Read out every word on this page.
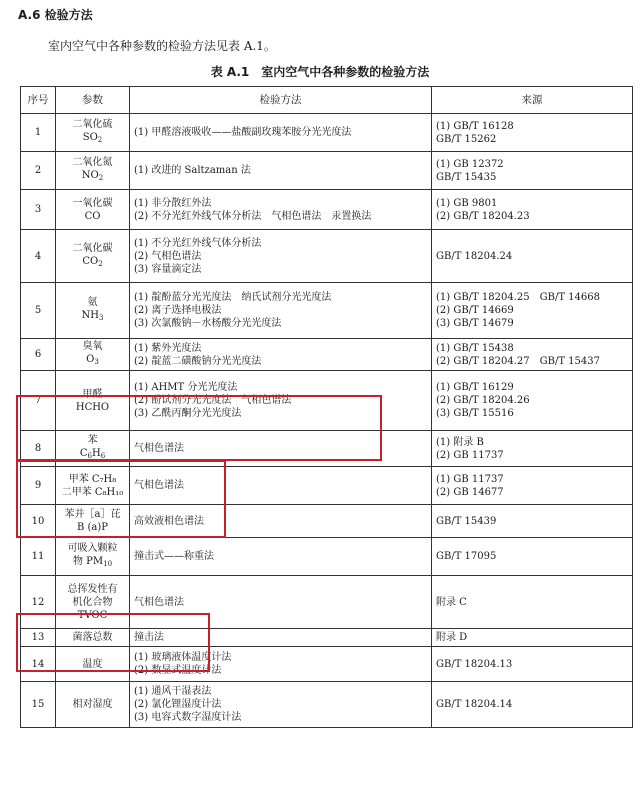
A.6 检验方法
室内空气中各种参数的检验方法见表 A.1。
表 A.1　室内空气中各种参数的检验方法
序号	参数	检验方法	来源
1	二氧化硫
$SO_2$	(1) 甲醛溶液吸收——盐酸副玫瑰苯胺分光光度法	(1) GB/T 16128
GB/T 15262

2	二氧化氮
$NO_2$	(1) 改进的 Saltzaman 法	(1) GB 12372
GB/T 15435

3	一氧化碳
CO	(1) 非分散红外法
(2) 不分光红外线气体分析法　气相色谱法　汞置换法	(1) GB 9801
(2) GB/T 18204.23

4	二氧化碳
$CO_2$	(1) 不分光红外线气体分析法
(2) 气相色谱法
(3) 容量滴定法	GB/T 18204.24

5	氨
$NH_3$	(1) 靛酚蓝分光光度法　纳氏试剂分光光度法
(2) 离子选择电极法
(3) 次氯酸钠－水杨酸分光光度法	(1) GB/T 18204.25　GB/T 14668
(2) GB/T 14669
(3) GB/T 14679

6	臭氧
$O_3$	(1) 紫外光度法
(2) 靛蓝二磺酸钠分光光度法	(1) GB/T 15438
(2) GB/T 18204.27　GB/T 15437

7	甲醛
HCHO	(1) AHMT 分光光度法
(2) 酚试剂分光光度法　气相色谱法
(3) 乙酰丙酮分光光度法	(1) GB/T 16129
(2) GB/T 18204.26
(3) GB/T 15516

8	苯
$C_6H_6$	气相色谱法	(1) 附录 B
(2) GB 11737

9	甲苯 C₇H₈
二甲苯 C₈H₁₀	气相色谱法	(1) GB 11737
(2) GB 14677

10	苯并［a］芘
B (a)P	高效液相色谱法	GB/T 15439

11	可吸入颗粒
物 $PM_{10}$	撞击式——称重法	GB/T 17095

12	总挥发性有
机化合物
TVOC	气相色谱法	附录 C

13	菌落总数	撞击法	附录 D

14	温度	(1) 玻璃液体温度计法
(2) 数显式温度计法	GB/T 18204.13

15	相对湿度	(1) 通风干湿表法
(2) 氯化锂湿度计法
(3) 电容式数字湿度计法	GB/T 18204.14
